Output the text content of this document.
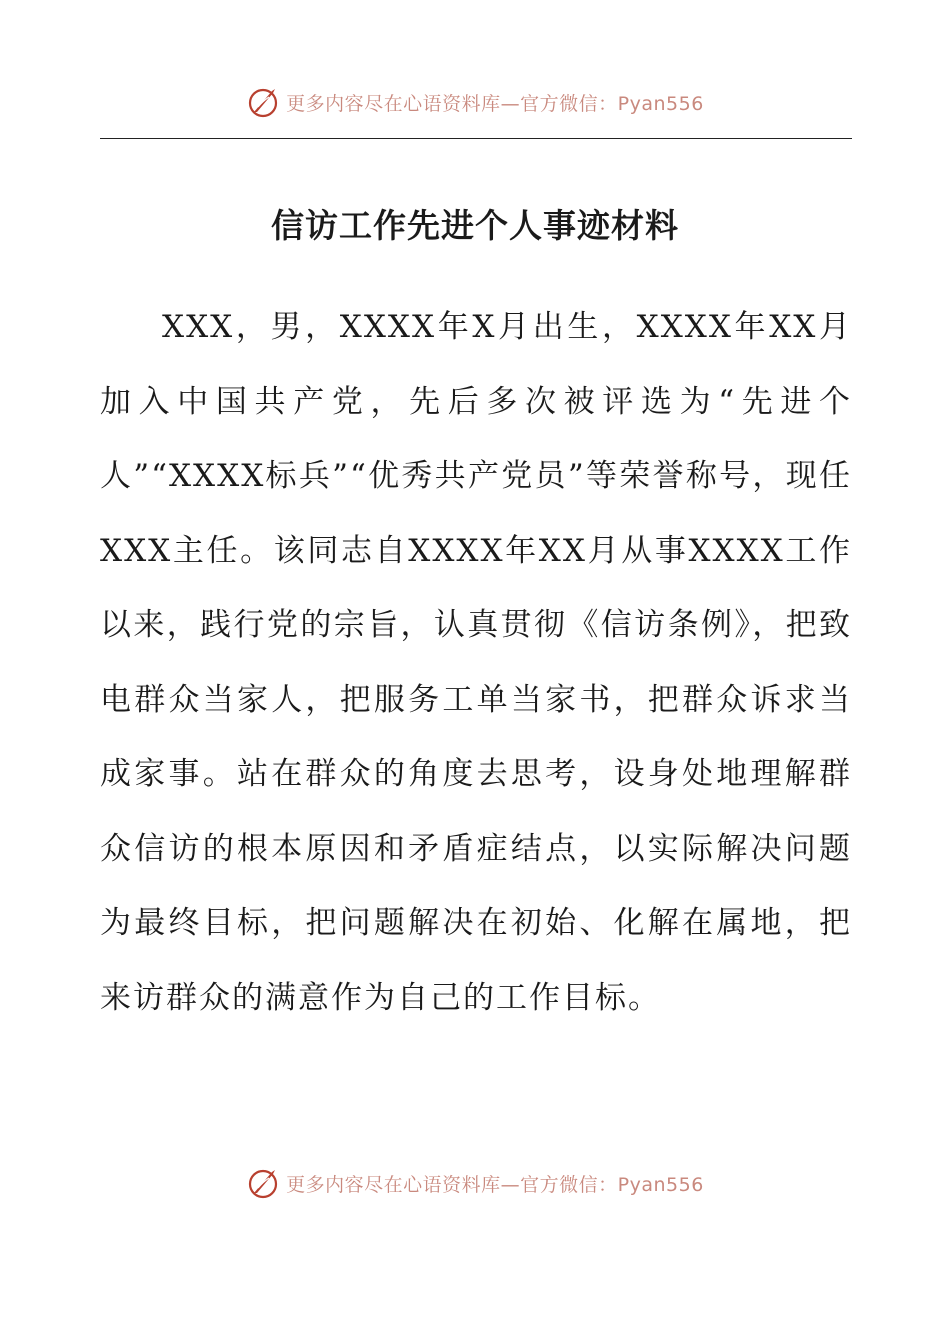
更多内容尽在心语资料库—官方微信：Pyan556
信访工作先进个人事迹材料

XXX，男，XXXX年X月出生，XXXX年XX月加入中国共产党，先后多次被评选为“先进个人”“XXXX标兵”“优秀共产党员”等荣誉称号，现任XXX主任。该同志自XXXX年XX月从事XXXX工作以来，践行党的宗旨，认真贯彻《信访条例》，把致电群众当家人，把服务工单当家书，把群众诉求当成家事。站在群众的角度去思考，设身处地理解群众信访的根本原因和矛盾症结点，以实际解决问题为最终目标，把问题解决在初始、化解在属地，把来访群众的满意作为自己的工作目标。

更多内容尽在心语资料库—官方微信：Pyan556
